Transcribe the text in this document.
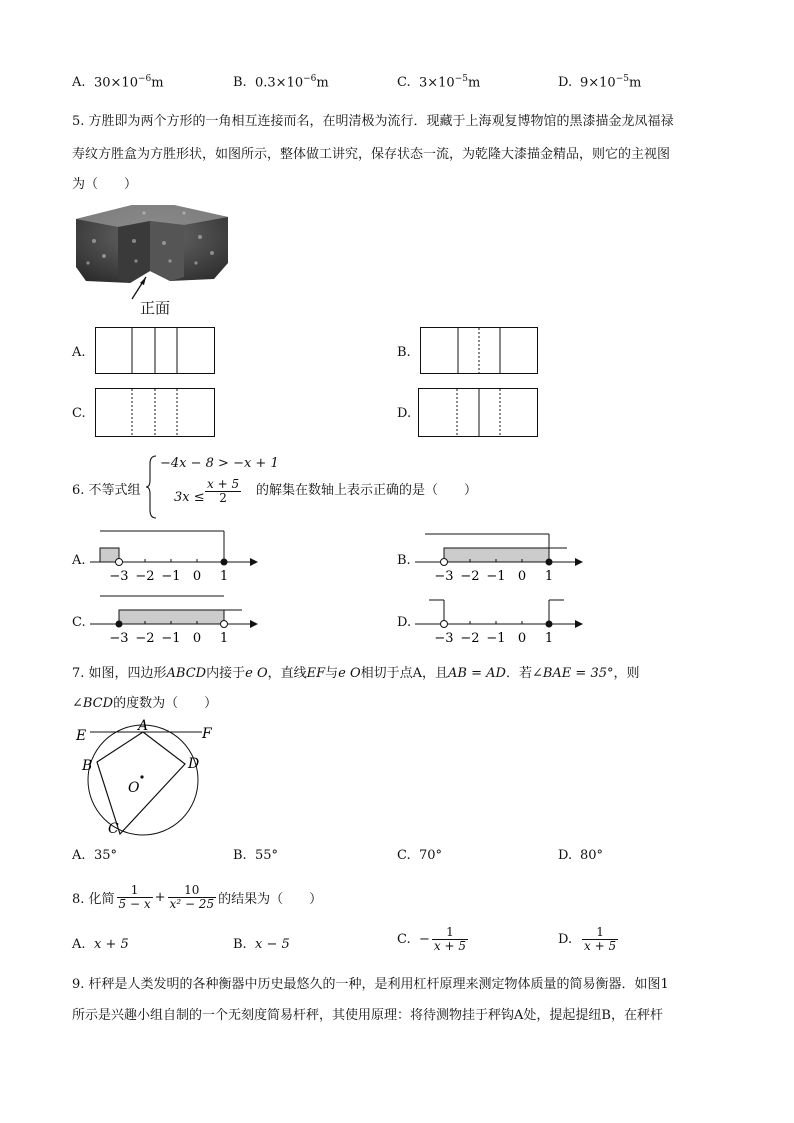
A. $30\times 10^{-6}m$	B. $0.3\times 10^{-6}m$	C. $3\times 10^{-5}m$	D. $9\times 10^{-5}m$
5. 方胜即为两个方形的一角相互连接而名，在明清极为流行．现藏于上海观复博物馆的黑漆描金龙凤福禄
寿纹方胜盒为方胜形状，如图所示，整体做工讲究，保存状态一流，为乾隆大漆描金精品，则它的主视图
为（　　）
正面
A.	B.
C.	D.
6. 不等式组
−4x − 8 > −x + 1
$3x \le \frac{x + 5}{2}$ 的解集在数轴上表示正确的是（　　）
A.
−3 −2 −1 0 1
B.
−3 −2 −1 0 1
C.
−3 −2 −1 0 1
D.
−3 −2 −1 0 1
7. 如图，四边形ABCD内接于e O，直线EF与e O相切于点A，且AB = AD．若∠BAE = 35°，则
∠BCD的度数为（　　）
E
A	F
B	D
O
C
A. 35°	B. 55°	C. 70°	D. 80°
8. 化简 $\frac{1}{5 - x} + \frac{10}{\text{x² − 25}}$ 的结果为（　　）
A. x + 5	B. x − 5	C. − $\frac{1}{x + 5}$	D. $\frac{1}{x + 5}$
9. 杆秤是人类发明的各种衡器中历史最悠久的一种，是利用杠杆原理来测定物体质量的简易衡器．如图1
所示是兴趣小组自制的一个无刻度简易杆秤，其使用原理：将待测物挂于秤钩A处，提起提纽B，在秤杆
